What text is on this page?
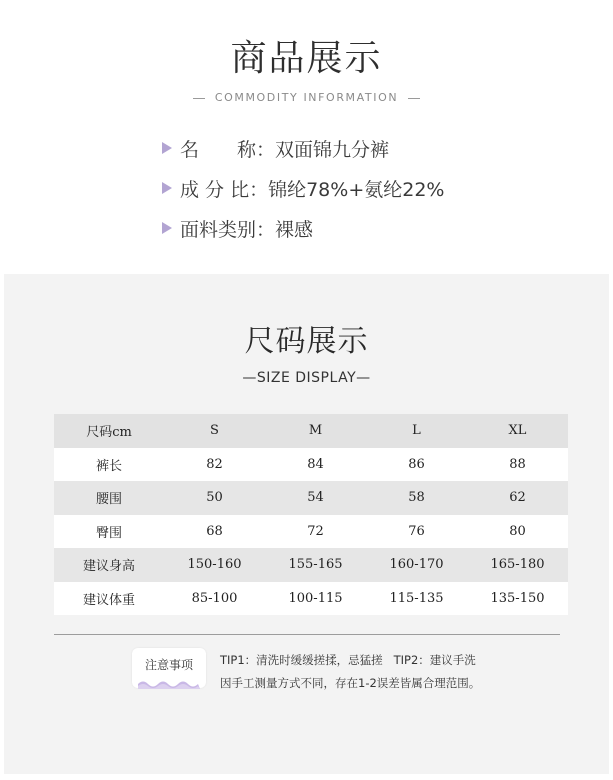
商品展示
COMMODITY INFORMATION
名　　称： 双面锦九分裤
成 分 比： 锦纶78%+氨纶22%
面料类别： 裸感
尺码展示
—SIZE DISPLAY—
尺码cm	S	M	L	XL
裤长	82	84	86	88
腰围	50	54	58	62
臀围	68	72	76	80
建议身高	150-160	155-165	160-170	165-180
建议体重	85-100	100-115	115-135	135-150
注意事项	TIP1：清洗时缓缓搓揉，忌猛搓   TIP2：建议手洗
因手工测量方式不同，存在1-2误差皆属合理范围。
